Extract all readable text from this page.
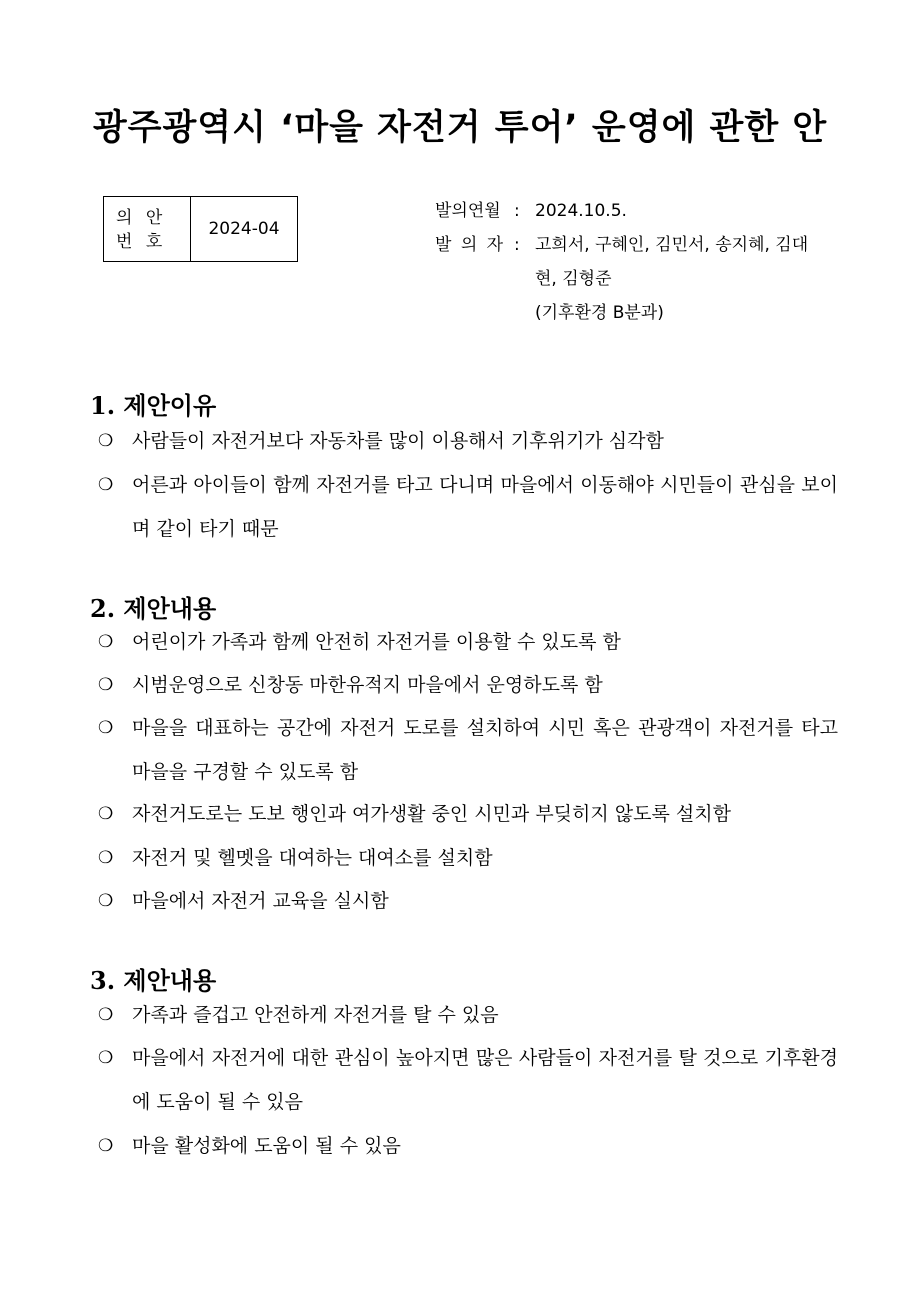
광주광역시 ‘마을 자전거 투어’ 운영에 관한 안
의 안
번 호
2024-04
발의연월 : 2024.10.5.
발 의 자 : 고희서, 구혜인, 김민서, 송지혜, 김대현, 김형준
(기후환경 B분과)
1. 제안이유
❍ 사람들이 자전거보다 자동차를 많이 이용해서 기후위기가 심각함
❍ 어른과 아이들이 함께 자전거를 타고 다니며 마을에서 이동해야 시민들이 관심을 보이며 같이 타기 때문
2. 제안내용
❍ 어린이가 가족과 함께 안전히 자전거를 이용할 수 있도록 함
❍ 시범운영으로 신창동 마한유적지 마을에서 운영하도록 함
❍ 마을을 대표하는 공간에 자전거 도로를 설치하여 시민 혹은 관광객이 자전거를 타고 마을을 구경할 수 있도록 함
❍ 자전거도로는 도보 행인과 여가생활 중인 시민과 부딪히지 않도록 설치함
❍ 자전거 및 헬멧을 대여하는 대여소를 설치함
❍ 마을에서 자전거 교육을 실시함
3. 제안내용
❍ 가족과 즐겁고 안전하게 자전거를 탈 수 있음
❍ 마을에서 자전거에 대한 관심이 높아지면 많은 사람들이 자전거를 탈 것으로 기후환경에 도움이 될 수 있음
❍ 마을 활성화에 도움이 될 수 있음
